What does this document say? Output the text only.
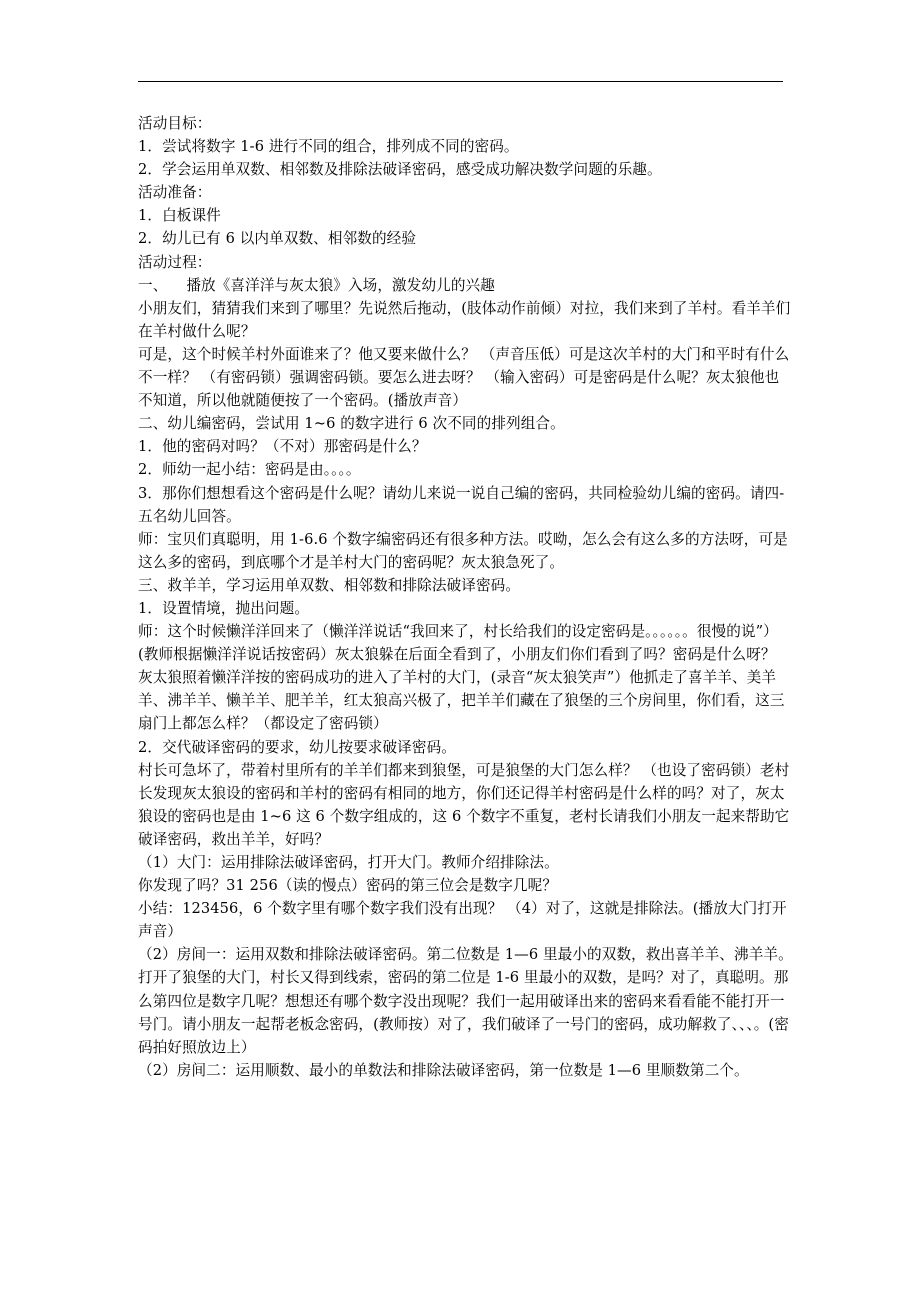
活动目标：

1．尝试将数字 1-6 进行不同的组合，排列成不同的密码。

2．学会运用单双数、相邻数及排除法破译密码，感受成功解决数学问题的乐趣。

活动准备：

1．白板课件

2．幼儿已有 6 以内单双数、相邻数的经验

活动过程：

一、    播放《喜洋洋与灰太狼》入场，激发幼儿的兴趣

小朋友们，猜猜我们来到了哪里？先说然后拖动，(肢体动作前倾）对拉，我们来到了羊村。看羊羊们在羊村做什么呢？

可是，这个时候羊村外面谁来了？他又要来做什么？ （声音压低）可是这次羊村的大门和平时有什么不一样？ （有密码锁）强调密码锁。要怎么进去呀？ （输入密码）可是密码是什么呢？灰太狼他也不知道，所以他就随便按了一个密码。(播放声音）

二、幼儿编密码，尝试用 1~6 的数字进行 6 次不同的排列组合。

1．他的密码对吗？（不对）那密码是什么？

2．师幼一起小结：密码是由。。。。

3．那你们想想看这个密码是什么呢？请幼儿来说一说自己编的密码，共同检验幼儿编的密码。请四-五名幼儿回答。

师：宝贝们真聪明，用 1-6.6 个数字编密码还有很多种方法。哎呦，怎么会有这么多的方法呀，可是这么多的密码，到底哪个才是羊村大门的密码呢？灰太狼急死了。

三、救羊羊，学习运用单双数、相邻数和排除法破译密码。

1．设置情境，抛出问题。

师：这个时候懒洋洋回来了（懒洋洋说话“我回来了，村长给我们的设定密码是。。。。。。很慢的说”）(教师根据懒洋洋说话按密码）灰太狼躲在后面全看到了，小朋友们你们看到了吗？密码是什么呀？

灰太狼照着懒洋洋按的密码成功的进入了羊村的大门，(录音“灰太狼笑声”）他抓走了喜羊羊、美羊羊、沸羊羊、懒羊羊、肥羊羊，红太狼高兴极了，把羊羊们藏在了狼堡的三个房间里，你们看，这三扇门上都怎么样？（都设定了密码锁）

2．交代破译密码的要求，幼儿按要求破译密码。

村长可急坏了，带着村里所有的羊羊们都来到狼堡，可是狼堡的大门怎么样？ （也设了密码锁）老村长发现灰太狼设的密码和羊村的密码有相同的地方，你们还记得羊村密码是什么样的吗？对了，灰太狼设的密码也是由 1~6 这 6 个数字组成的，这 6 个数字不重复，老村长请我们小朋友一起来帮助它破译密码，救出羊羊，好吗？

（1）大门：运用排除法破译密码，打开大门。教师介绍排除法。

你发现了吗？31 256（读的慢点）密码的第三位会是数字几呢？

小结：123456，6 个数字里有哪个数字我们没有出现？ （4）对了，这就是排除法。(播放大门打开声音）

（2）房间一：运用双数和排除法破译密码。第二位数是 1—6 里最小的双数，救出喜羊羊、沸羊羊。

打开了狼堡的大门，村长又得到线索，密码的第二位是 1-6 里最小的双数，是吗？对了，真聪明。那么第四位是数字几呢？想想还有哪个数字没出现呢？我们一起用破译出来的密码来看看能不能打开一号门。请小朋友一起帮老板念密码，(教师按）对了，我们破译了一号门的密码，成功解救了、、、。(密码拍好照放边上）

（2）房间二：运用顺数、最小的单数法和排除法破译密码，第一位数是 1—6 里顺数第二个。
